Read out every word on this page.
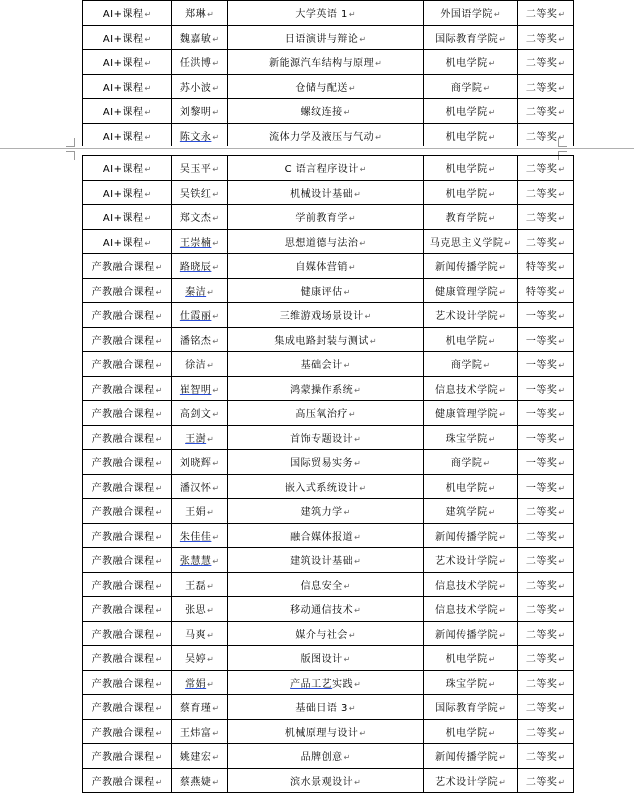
AI+课程↵	郑琳↵	大学英语 1↵	外国语学院↵	二等奖↵
AI+课程↵	魏嘉敏↵	日语演讲与辩论↵	国际教育学院↵	二等奖↵
AI+课程↵	任洪博↵	新能源汽车结构与原理↵	机电学院↵	二等奖↵
AI+课程↵	苏小波↵	仓储与配送↵	商学院↵	二等奖↵
AI+课程↵	刘黎明↵	螺纹连接↵	机电学院↵	二等奖↵
AI+课程↵	陈文永↵	流体力学及液压与气动↵	机电学院↵	二等奖↵
AI+课程↵	吴玉平↵	C 语言程序设计↵	机电学院↵	二等奖↵
AI+课程↵	吴铁红↵	机械设计基础↵	机电学院↵	二等奖↵
AI+课程↵	郑文杰↵	学前教育学↵	教育学院↵	二等奖↵
AI+课程↵	王崇楠↵	思想道德与法治↵	马克思主义学院↵	二等奖↵
产教融合课程↵	路晓辰↵	自媒体营销↵	新闻传播学院↵	特等奖↵
产教融合课程↵	秦洁↵	健康评估↵	健康管理学院↵	特等奖↵
产教融合课程↵	仕霞丽↵	三维游戏场景设计↵	艺术设计学院↵	一等奖↵
产教融合课程↵	潘铭杰↵	集成电路封装与测试↵	机电学院↵	一等奖↵
产教融合课程↵	徐洁↵	基础会计↵	商学院↵	一等奖↵
产教融合课程↵	崔智明↵	鸿蒙操作系统↵	信息技术学院↵	一等奖↵
产教融合课程↵	高剑文↵	高压氧治疗↵	健康管理学院↵	一等奖↵
产教融合课程↵	王澍↵	首饰专题设计↵	珠宝学院↵	一等奖↵
产教融合课程↵	刘晓辉↵	国际贸易实务↵	商学院↵	一等奖↵
产教融合课程↵	潘汉怀↵	嵌入式系统设计↵	机电学院↵	一等奖↵
产教融合课程↵	王娟↵	建筑力学↵	建筑学院↵	二等奖↵
产教融合课程↵	朱佳佳↵	融合媒体报道↵	新闻传播学院↵	二等奖↵
产教融合课程↵	张慧慧↵	建筑设计基础↵	艺术设计学院↵	二等奖↵
产教融合课程↵	王磊↵	信息安全↵	信息技术学院↵	二等奖↵
产教融合课程↵	张思↵	移动通信技术↵	信息技术学院↵	二等奖↵
产教融合课程↵	马爽↵	媒介与社会↵	新闻传播学院↵	二等奖↵
产教融合课程↵	吴婷↵	版图设计↵	机电学院↵	二等奖↵
产教融合课程↵	常娟↵	产品工艺实践↵	珠宝学院↵	二等奖↵
产教融合课程↵	蔡育瑾↵	基础日语 3↵	国际教育学院↵	二等奖↵
产教融合课程↵	王炜富↵	机械原理与设计↵	机电学院↵	二等奖↵
产教融合课程↵	姚建宏↵	品牌创意↵	新闻传播学院↵	二等奖↵
产教融合课程↵	蔡燕婕↵	滨水景观设计↵	艺术设计学院↵	二等奖↵
